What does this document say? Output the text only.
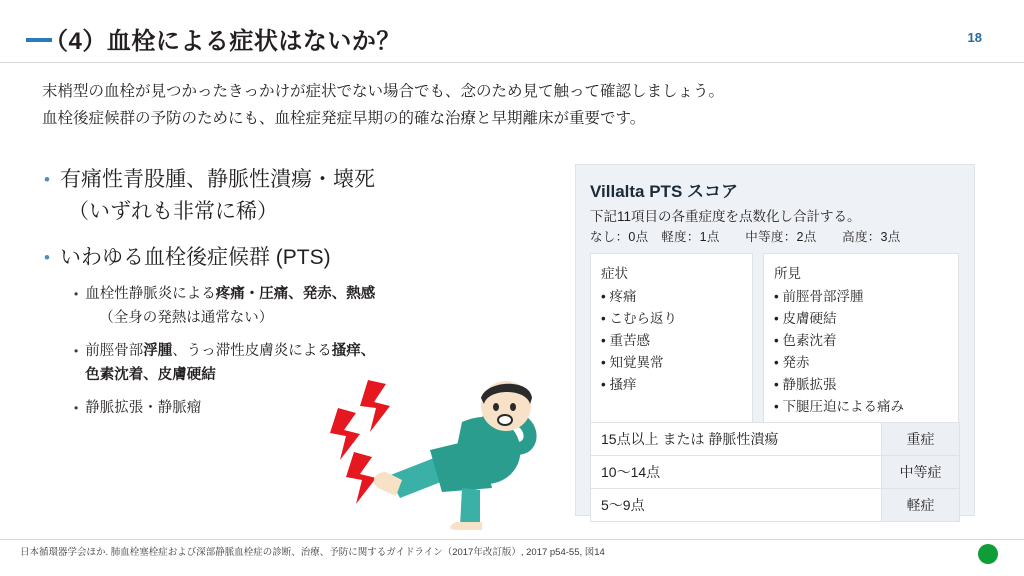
（4）血栓による症状はないか？	18
末梢型の血栓が見つかったきっかけが症状でない場合でも、念のため見て触って確認しましょう。
血栓後症候群の予防のためにも、血栓症発症早期の的確な治療と早期離床が重要です。
• 有痛性青股腫、静脈性潰瘍・壊死
（いずれも非常に稀）
• いわゆる血栓後症候群 (PTS)
• 血栓性静脈炎による疼痛・圧痛、発赤、熱感
（全身の発熱は通常ない）
• 前脛骨部浮腫、うっ滞性皮膚炎による搔痒、
色素沈着、皮膚硬結
• 静脈拡張・静脈瘤
Villalta PTS スコア
下記11項目の各重症度を点数化し合計する。
なし：0点　軽度：1点　　中等度：2点　　高度：3点
症状
• 疼痛
• こむら返り
• 重苦感
• 知覚異常
• 搔痒
所見
• 前脛骨部浮腫
• 皮膚硬結
• 色素沈着
• 発赤
• 静脈拡張
• 下腿圧迫による痛み
15点以上 または 静脈性潰瘍	重症
10〜14点	中等症
5〜9点	軽症
日本循環器学会ほか. 肺血栓塞栓症および深部静脈血栓症の診断、治療、予防に関するガイドライン（2017年改訂版）, 2017 p54-55, 図14
